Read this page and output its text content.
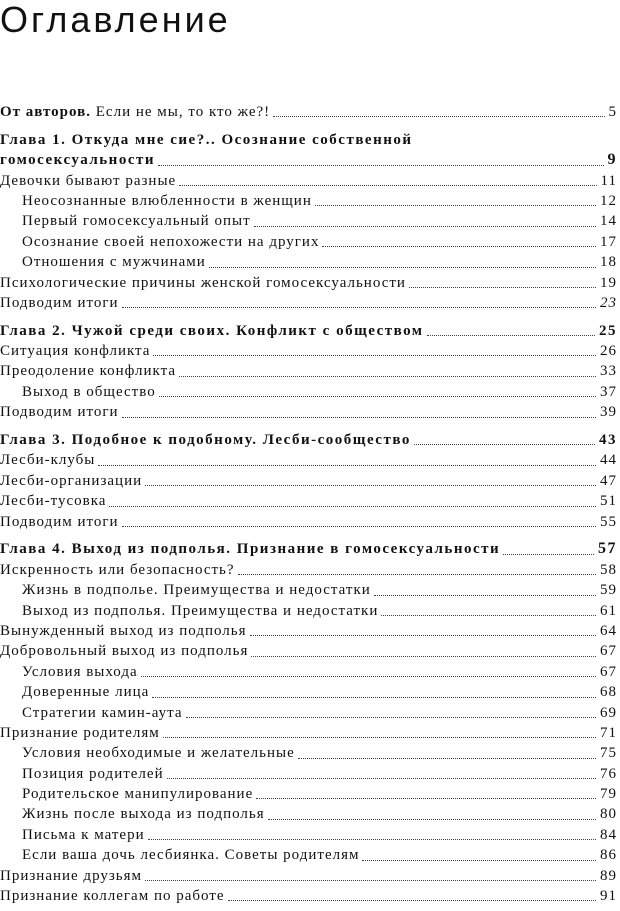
Оглавление
От авторов. Если не мы, то кто же?!	5
Глава 1. Откуда мне сие?.. Осознание собственной
гомосексуальности	9
Девочки бывают разные	11
Неосознанные влюбленности в женщин	12
Первый гомосексуальный опыт	14
Осознание своей непохожести на других	17
Отношения с мужчинами	18
Психологические причины женской гомосексуальности	19
Подводим итоги	23
Глава 2. Чужой среди своих. Конфликт с обществом	25
Ситуация конфликта	26
Преодоление конфликта	33
Выход в общество	37
Подводим итоги	39
Глава 3. Подобное к подобному. Лесби-сообщество	43
Лесби-клубы	44
Лесби-организации	47
Лесби-тусовка	51
Подводим итоги	55
Глава 4. Выход из подполья. Признание в гомосексуальности	57
Искренность или безопасность?	58
Жизнь в подполье. Преимущества и недостатки	59
Выход из подполья. Преимущества и недостатки	61
Вынужденный выход из подполья	64
Добровольный выход из подполья	67
Условия выхода	67
Доверенные лица	68
Стратегии камин-аута	69
Признание родителям	71
Условия необходимые и желательные	75
Позиция родителей	76
Родительское манипулирование	79
Жизнь после выхода из подполья	80
Письма к матери	84
Если ваша дочь лесбиянка. Советы родителям	86
Признание друзьям	89
Признание коллегам по работе	91
